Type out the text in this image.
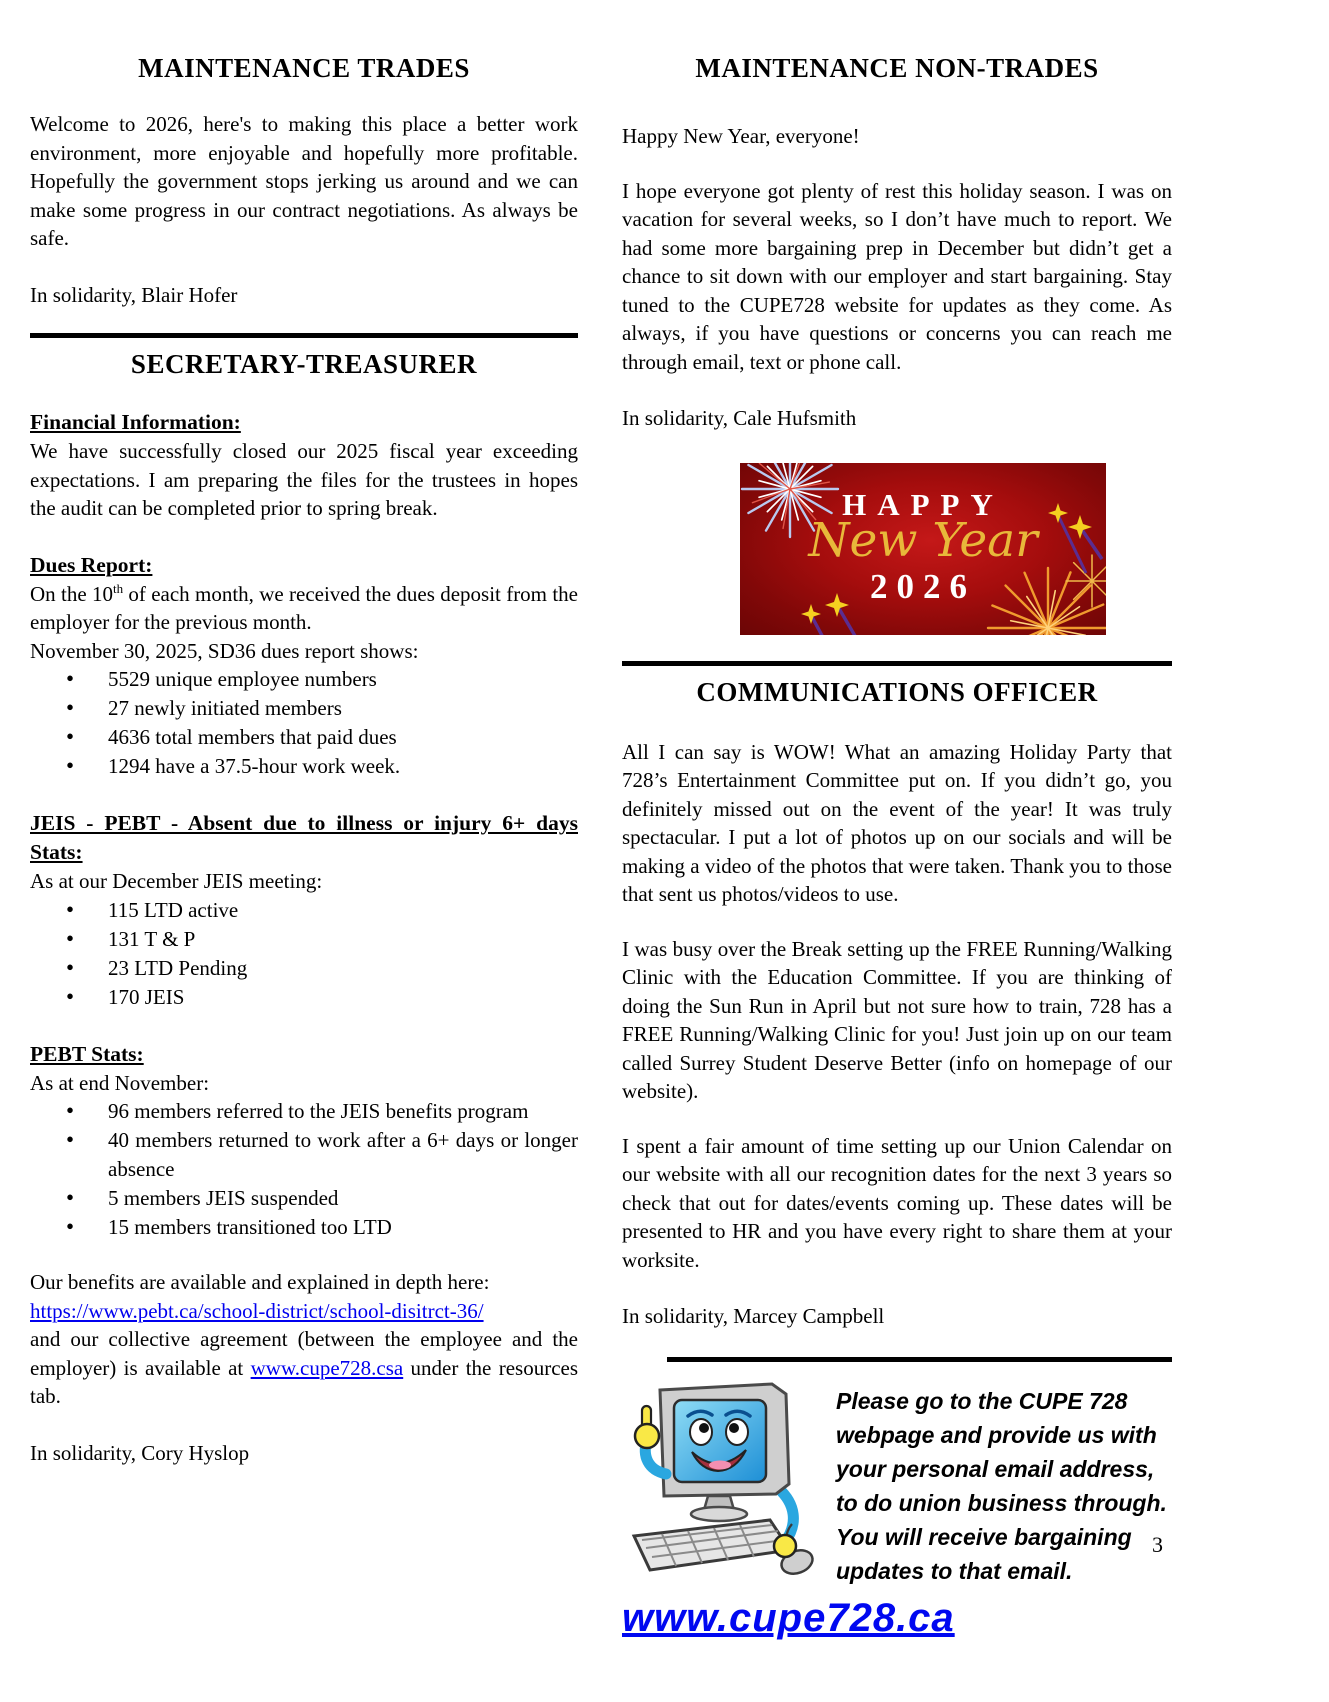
MAINTENANCE TRADES

Welcome to 2026, here's to making this place a better work environment, more enjoyable and hopefully more profitable. Hopefully the government stops jerking us around and we can make some progress in our contract negotiations. As always be safe.

In solidarity, Blair Hofer

SECRETARY-TREASURER

Financial Information:

We have successfully closed our 2025 fiscal year exceeding expectations. I am preparing the files for the trustees in hopes the audit can be completed prior to spring break.

Dues Report:

On the 10th of each month, we received the dues deposit from the employer for the previous month.

November 30, 2025, SD36 dues report shows:

• 5529 unique employee numbers
• 27 newly initiated members
• 4636 total members that paid dues
• 1294 have a 37.5-hour work week.

JEIS - PEBT - Absent due to illness or injury 6+ days
Stats:

As at our December JEIS meeting:

• 115 LTD active
• 131 T & P
• 23 LTD Pending
• 170 JEIS

PEBT Stats:

As at end November:

• 96 members referred to the JEIS benefits program
• 40 members returned to work after a 6+ days or longer absence
• 5 members JEIS suspended
• 15 members transitioned too LTD

Our benefits are available and explained in depth here:
https://www.pebt.ca/school-district/school-disitrct-36/
and our collective agreement (between the employee and the employer) is available at www.cupe728.csa under the resources tab.

In solidarity, Cory Hyslop

MAINTENANCE NON-TRADES

Happy New Year, everyone!

I hope everyone got plenty of rest this holiday season. I was on vacation for several weeks, so I don’t have much to report. We had some more bargaining prep in December but didn’t get a chance to sit down with our employer and start bargaining. Stay tuned to the CUPE728 website for updates as they come. As always, if you have questions or concerns you can reach me through email, text or phone call.

In solidarity, Cale Hufsmith

HAPPY
New Year
2026
COMMUNICATIONS OFFICER

All I can say is WOW! What an amazing Holiday Party that 728’s Entertainment Committee put on. If you didn’t go, you definitely missed out on the event of the year! It was truly spectacular. I put a lot of photos up on our socials and will be making a video of the photos that were taken. Thank you to those that sent us photos/videos to use.

I was busy over the Break setting up the FREE Running/Walking Clinic with the Education Committee. If you are thinking of doing the Sun Run in April but not sure how to train, 728 has a FREE Running/Walking Clinic for you! Just join up on our team called Surrey Student Deserve Better (info on homepage of our website).

I spent a fair amount of time setting up our Union Calendar on our website with all our recognition dates for the next 3 years so check that out for dates/events coming up. These dates will be presented to HR and you have every right to share them at your worksite.

In solidarity, Marcey Campbell

Please go to the CUPE 728 webpage and provide us with your personal email address, to do union business through. You will receive bargaining updates to that email.
www.cupe728.ca
3
